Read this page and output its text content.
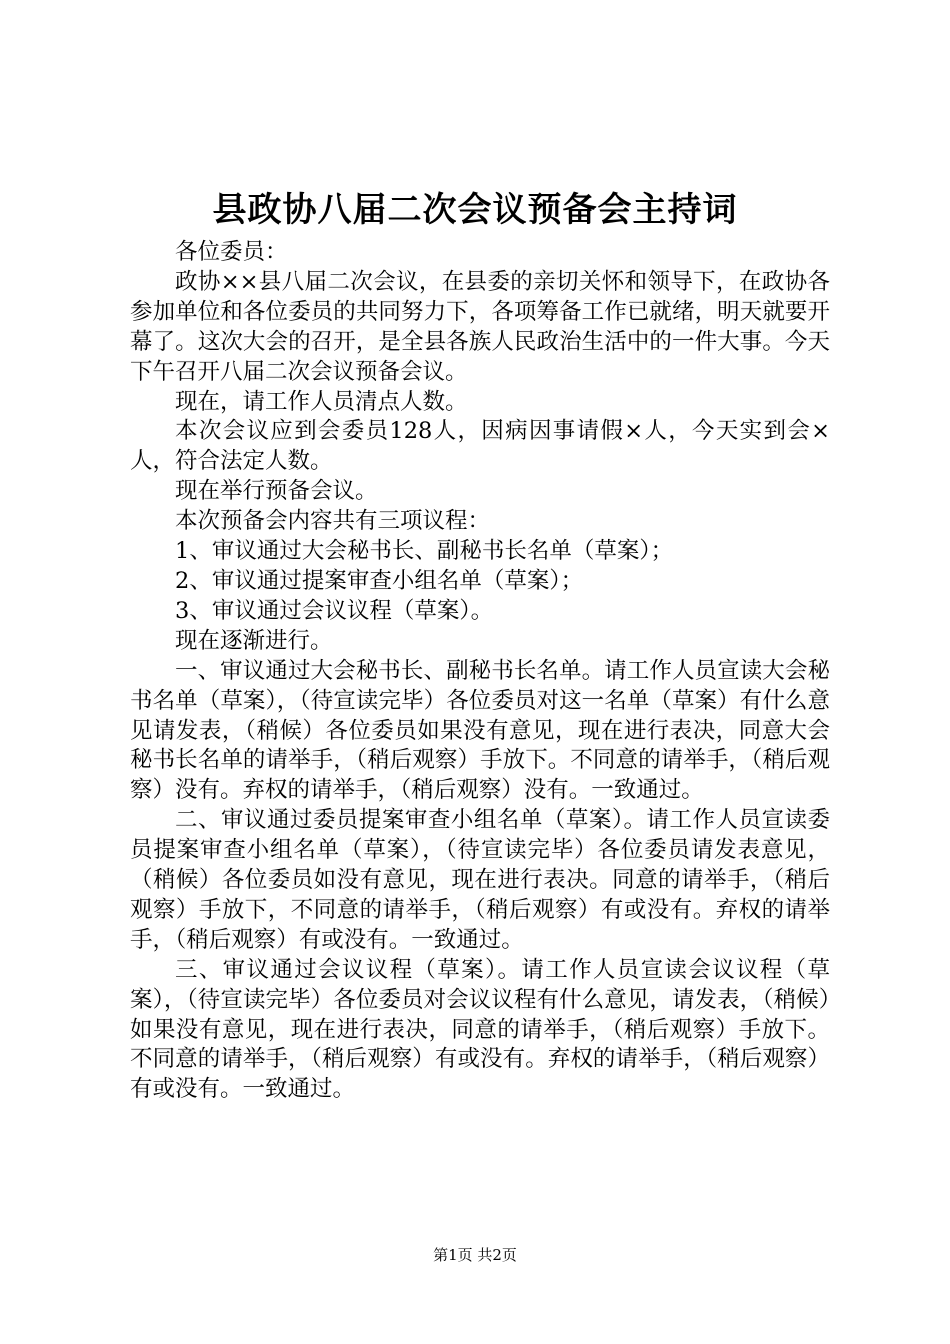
县政协八届二次会议预备会主持词

各位委员：

政协××县八届二次会议，在县委的亲切关怀和领导下，在政协各参加单位和各位委员的共同努力下，各项筹备工作已就绪，明天就要开幕了。这次大会的召开，是全县各族人民政治生活中的一件大事。今天下午召开八届二次会议预备会议。

现在，请工作人员清点人数。

本次会议应到会委员128人，因病因事请假×人，今天实到会×人，符合法定人数。

现在举行预备会议。

本次预备会内容共有三项议程：

1、审议通过大会秘书长、副秘书长名单（草案）；

2、审议通过提案审查小组名单（草案）；

3、审议通过会议议程（草案）。

现在逐渐进行。

一、审议通过大会秘书长、副秘书长名单。请工作人员宣读大会秘书名单（草案），（待宣读完毕）各位委员对这一名单（草案）有什么意见请发表，（稍候）各位委员如果没有意见，现在进行表决，同意大会秘书长名单的请举手，（稍后观察）手放下。不同意的请举手，（稍后观察）没有。弃权的请举手，（稍后观察）没有。一致通过。

二、审议通过委员提案审查小组名单（草案）。请工作人员宣读委员提案审查小组名单（草案），（待宣读完毕）各位委员请发表意见，（稍候）各位委员如没有意见，现在进行表决。同意的请举手，（稍后观察）手放下，不同意的请举手，（稍后观察）有或没有。弃权的请举手，（稍后观察）有或没有。一致通过。

三、审议通过会议议程（草案）。请工作人员宣读会议议程（草案），（待宣读完毕）各位委员对会议议程有什么意见，请发表，（稍候）如果没有意见，现在进行表决，同意的请举手，（稍后观察）手放下。不同意的请举手，（稍后观察）有或没有。弃权的请举手，（稍后观察）有或没有。一致通过。

第1页 共2页
